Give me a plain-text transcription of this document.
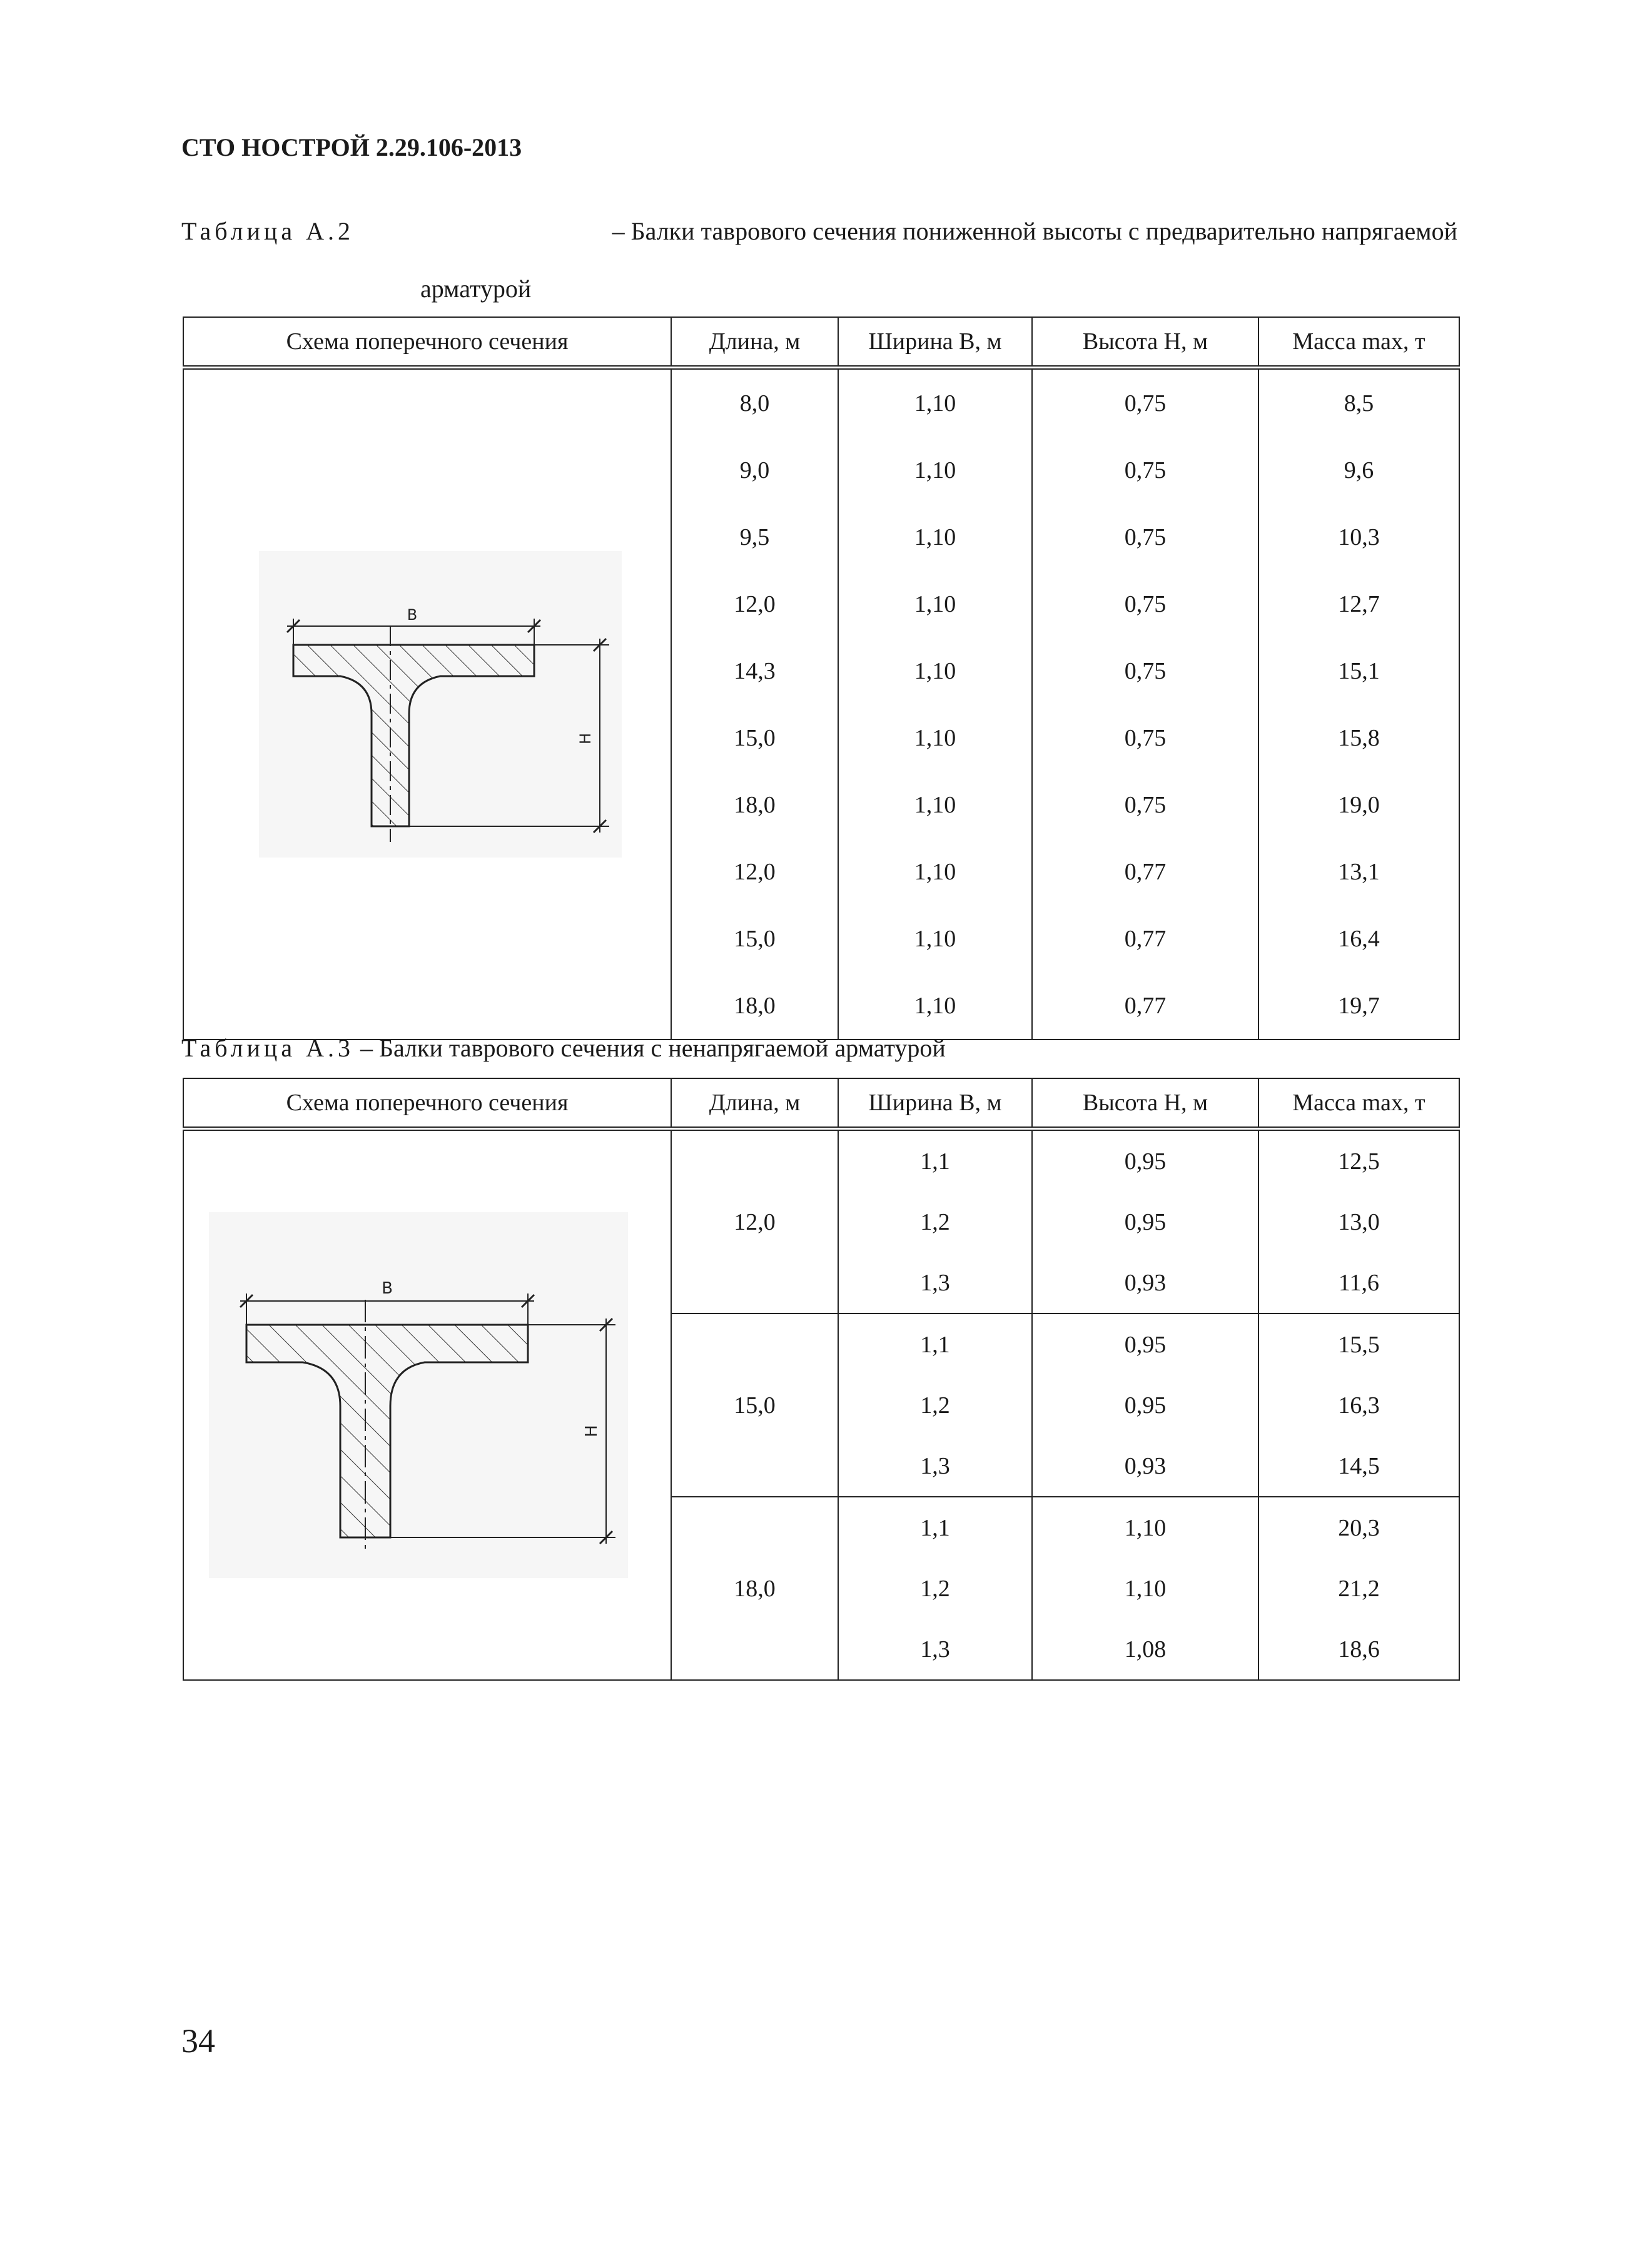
СТО НОСТРОЙ 2.29.106-2013
Таблица А.2	– Балки таврового сечения пониженной высоты с предварительно напрягаемой
арматурой
Схема поперечного сечения	Длина, м	Ширина В, м	Высота Н, м	Масса max, т

B
H	8,0	1,10	0,75	8,5
	9,0	1,10	0,75	9,6
	9,5	1,10	0,75	10,3
	12,0	1,10	0,75	12,7
	14,3	1,10	0,75	15,1
	15,0	1,10	0,75	15,8
	18,0	1,10	0,75	19,0
	12,0	1,10	0,77	13,1
	15,0	1,10	0,77	16,4
	18,0	1,10	0,77	19,7
Таблица А.3 – Балки таврового сечения с ненапрягаемой арматурой
Схема поперечного сечения	Длина, м	Ширина В, м	Высота Н, м	Масса max, т

B
H	12,0	1,1	0,95	12,5
		1,2	0,95	13,0
		1,3	0,93	11,6
	15,0	1,1	0,95	15,5
		1,2	0,95	16,3
		1,3	0,93	14,5
	18,0	1,1	1,10	20,3
		1,2	1,10	21,2
		1,3	1,08	18,6
34
